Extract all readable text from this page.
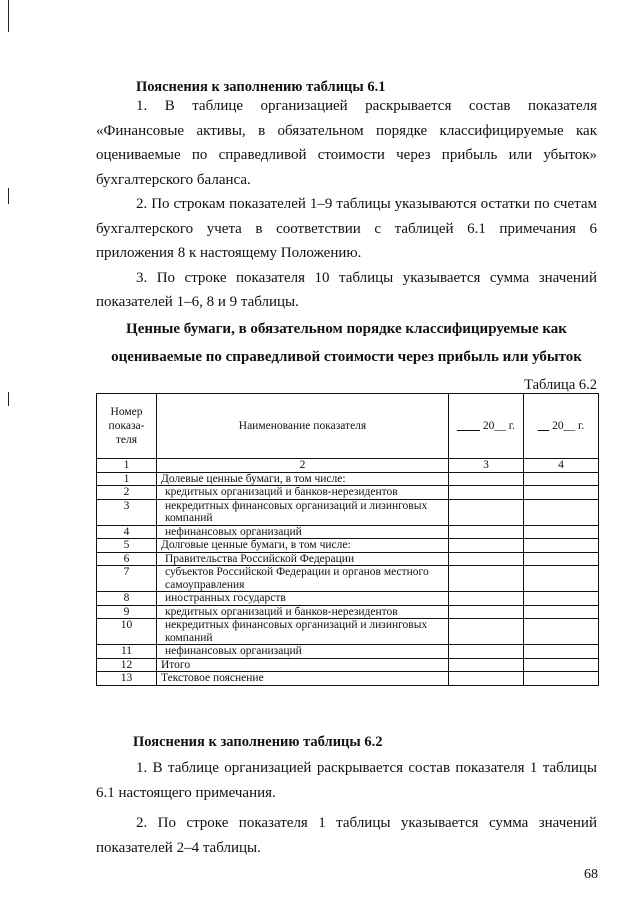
Пояснения к заполнению таблицы 6.1

1. В таблице организацией раскрывается состав показателя «Финансовые активы, в обязательном порядке классифицируемые как оцениваемые по справедливой стоимости через прибыль или убыток» бухгалтерского баланса.

2. По строкам показателей 1–9 таблицы указываются остатки по счетам бухгалтерского учета в соответствии с таблицей 6.1 примечания 6 приложения 8 к настоящему Положению.

3. По строке показателя 10 таблицы указывается сумма значений показателей 1–6, 8 и 9 таблицы.

Ценные бумаги, в обязательном порядке классифицируемые как
оцениваемые по справедливой стоимости через прибыль или убыток
Таблица 6.2
Номер
показа-
теля	Наименование показателя	____ 20__ г.	__ 20__ г.
1	2	3	4
1	Долевые ценные бумаги, в том числе:		
2	кредитных организаций и банков-нерезидентов		
3	некредитных финансовых организаций и лизинговых компаний		
4	нефинансовых организаций		
5	Долговые ценные бумаги, в том числе:		
6	Правительства Российской Федерации		
7	субъектов Российской Федерации и органов местного самоуправления		
8	иностранных государств		
9	кредитных организаций и банков-нерезидентов		
10	некредитных финансовых организаций и лизинговых компаний		
11	нефинансовых организаций		
12	Итого		
13	Текстовое пояснение		
Пояснения к заполнению таблицы 6.2

1. В таблице организацией раскрывается состав показателя 1 таблицы 6.1 настоящего примечания.

2. По строке показателя 1 таблицы указывается сумма значений показателей 2–4 таблицы.

68
